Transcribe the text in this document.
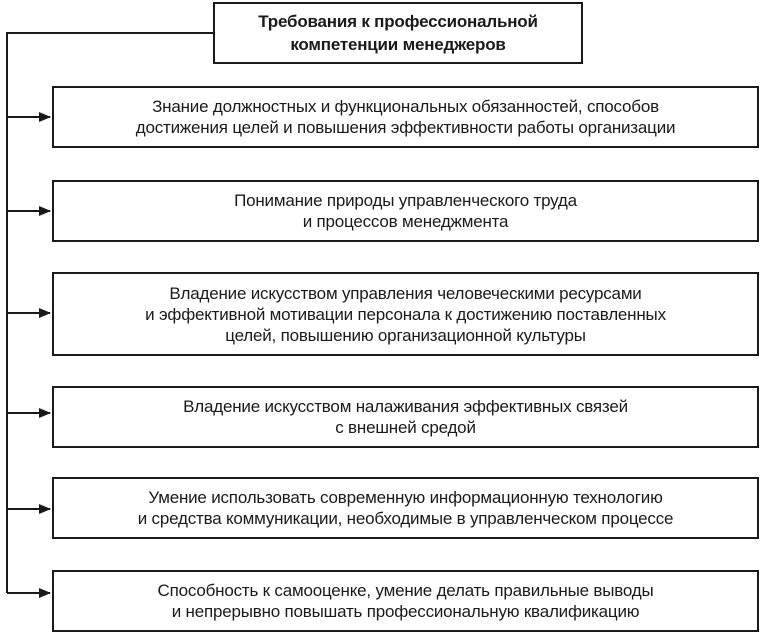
Требования к профессиональной
компетенции менеджеров
Знание должностных и функциональных обязанностей, способов
достижения целей и повышения эффективности работы организации
Понимание природы управленческого труда
и процессов менеджмента
Владение искусством управления человеческими ресурсами
и эффективной мотивации персонала к достижению поставленных
целей, повышению организационной культуры
Владение искусством налаживания эффективных связей
с внешней средой
Умение использовать современную информационную технологию
и средства коммуникации, необходимые в управленческом процессе
Способность к самооценке, умение делать правильные выводы
и непрерывно повышать профессиональную квалификацию
